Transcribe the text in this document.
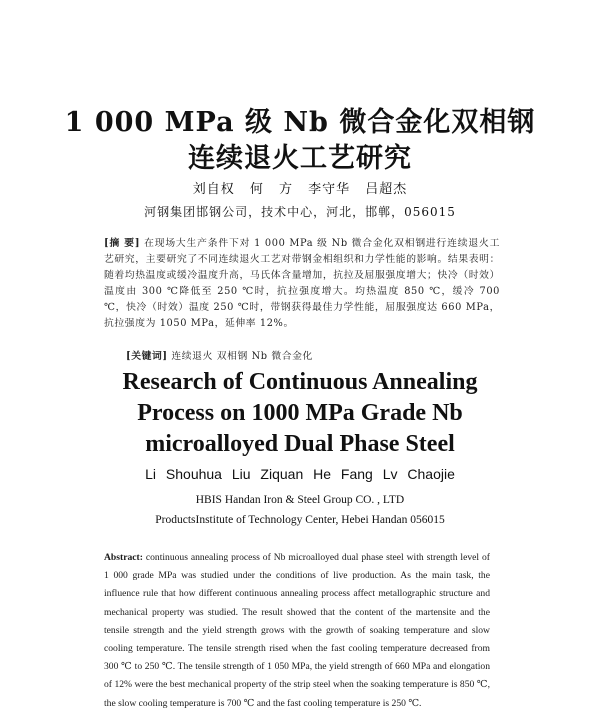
1 000 MPa 级 Nb 微合金化双相钢
连续退火工艺研究
刘自权 何 方 李守华 吕超杰
河钢集团邯钢公司，技术中心，河北，邯郸，056015
[摘 要] 在现场大生产条件下对 1 000 MPa 级 Nb 微合金化双相钢进行连续退火工艺研究，主要研究了不同连续退火工艺对带钢金相组织和力学性能的影响。结果表明：随着均热温度或缓冷温度升高，马氏体含量增加，抗拉及屈服强度增大；快冷（时效）温度由 300 ℃降低至 250 ℃时，抗拉强度增大。均热温度 850 ℃，缓冷 700 ℃，快冷（时效）温度 250 ℃时，带钢获得最佳力学性能，屈服强度达 660 MPa，抗拉强度为 1050 MPa，延伸率 12%。
[关键词] 连续退火 双相钢 Nb 微合金化
Research of Continuous Annealing
Process on 1000 MPa Grade Nb
microalloyed Dual Phase Steel
Li Shouhua Liu Ziquan He Fang Lv Chaojie
HBIS Handan Iron & Steel Group CO. , LTD
ProductsInstitute of Technology Center, Hebei Handan 056015
Abstract: continuous annealing process of Nb microalloyed dual phase steel with strength level of 1 000 grade MPa was studied under the conditions of live production. As the main task, the influence rule that how different continuous annealing process affect metallographic structure and mechanical property was studied. The result showed that the content of the martensite and the tensile strength and the yield strength grows with the growth of soaking temperature and slow cooling temperature. The tensile strength rised when the fast cooling temperature decreased from 300 ℃ to 250 ℃. The tensile strength of 1 050 MPa, the yield strength of 660 MPa and elongation of 12% were the best mechanical property of the strip steel when the soaking temperature is 850 ℃, the slow cooling temperature is 700 ℃ and the fast cooling temperature is 250 ℃.
